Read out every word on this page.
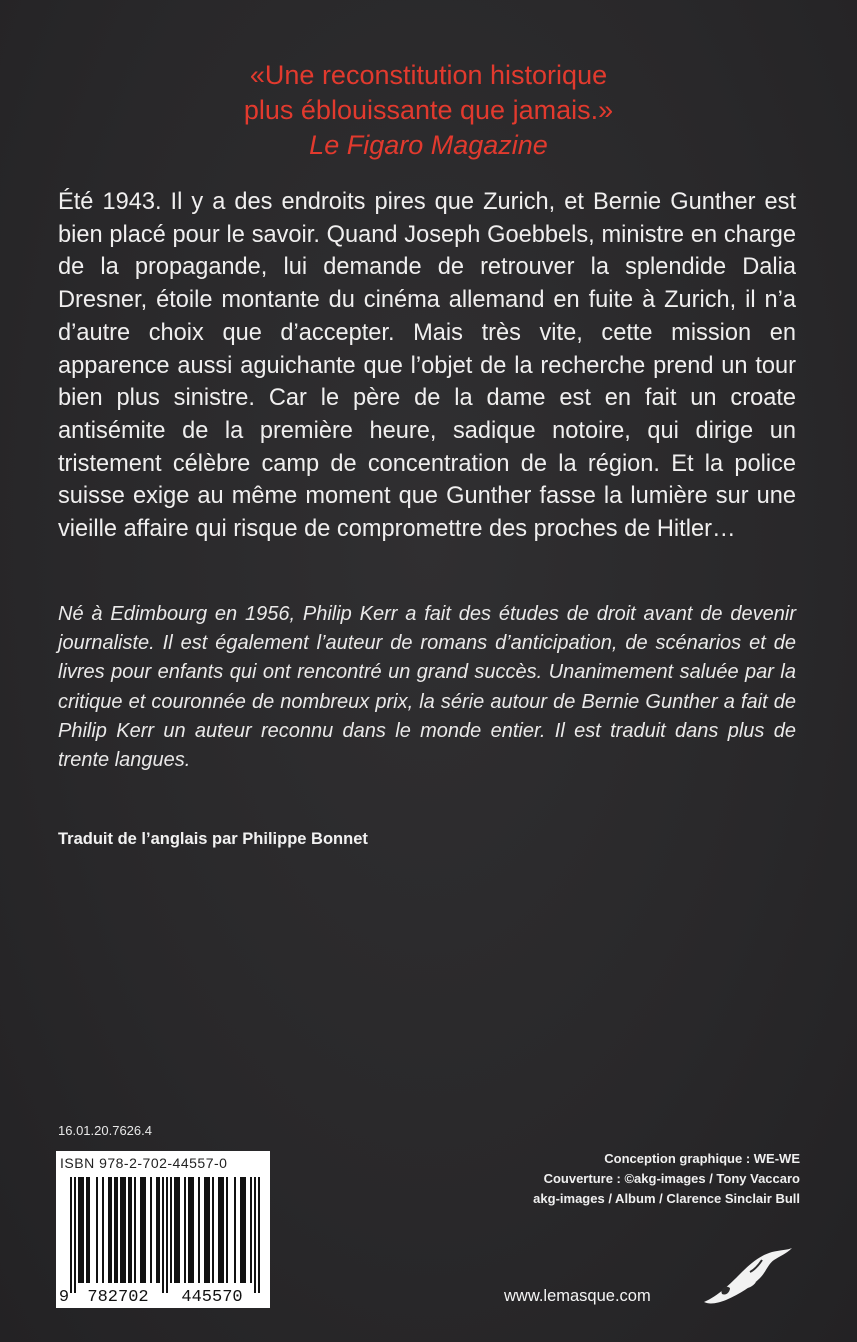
«Une reconstitution historique
plus éblouissante que jamais.»
Le Figaro Magazine

Été 1943. Il y a des endroits pires que Zurich, et Bernie Gunther est bien placé pour le savoir. Quand Joseph Goebbels, ministre en charge de la propagande, lui demande de retrouver la splendide Dalia Dresner, étoile montante du cinéma allemand en fuite à Zurich, il n’a d’autre choix que d’accepter. Mais très vite, cette mission en apparence aussi aguichante que l’objet de la recherche prend un tour bien plus sinistre. Car le père de la dame est en fait un croate antisémite de la première heure, sadique notoire, qui dirige un tristement célèbre camp de concentration de la région. Et la police suisse exige au même moment que Gunther fasse la lumière sur une vieille affaire qui risque de compromettre des proches de Hitler…

Né à Edimbourg en 1956, Philip Kerr a fait des études de droit avant de devenir journaliste. Il est également l’auteur de romans d’anticipation, de scénarios et de livres pour enfants qui ont rencontré un grand succès. Unanimement saluée par la critique et couronnée de nombreux prix, la série autour de Bernie Gunther a fait de Philip Kerr un auteur reconnu dans le monde entier. Il est traduit dans plus de trente langues.

Traduit de l’anglais par Philippe Bonnet
16.01.20.7626.4
ISBN 978-2-702-44557-0
9 782702 445570
Conception graphique : WE-WE
Couverture : ©akg-images / Tony Vaccaro
akg-images / Album / Clarence Sinclair Bull
www.lemasque.com
